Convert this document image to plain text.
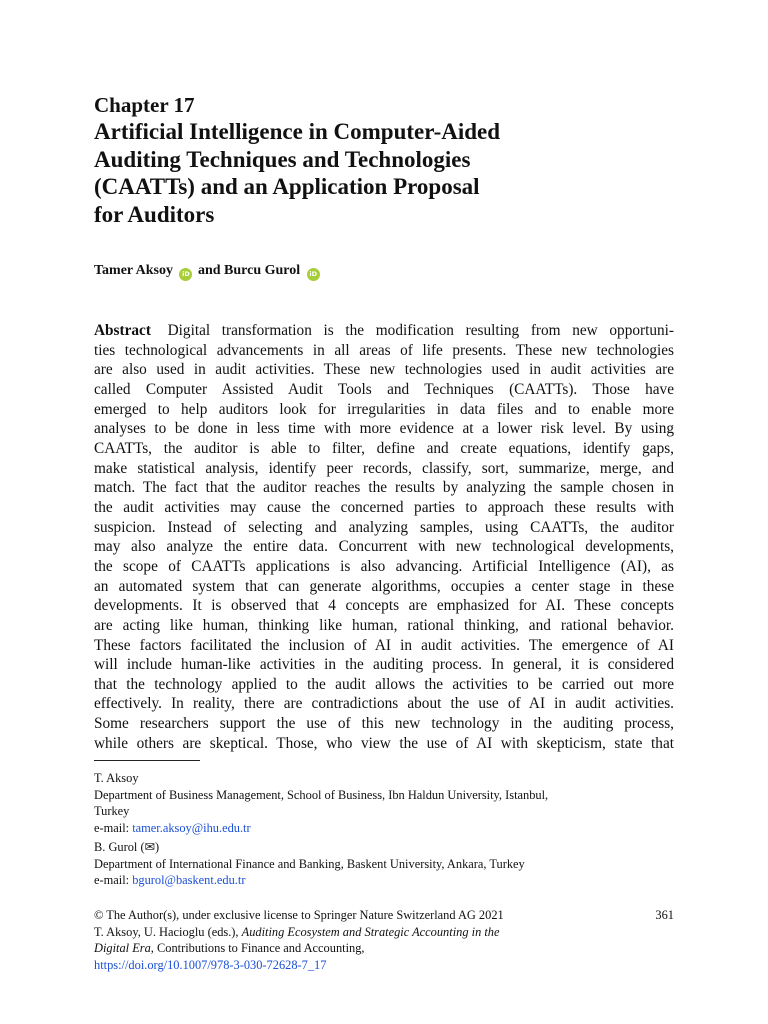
Chapter 17
Artificial Intelligence in Computer-Aided
Auditing Techniques and Technologies
(CAATTs) and an Application Proposal
for Auditors
Tamer Aksoy iD and Burcu Gurol iD
Abstract Digital transformation is the modification resulting from new opportuni-
ties technological advancements in all areas of life presents. These new technologies
are also used in audit activities. These new technologies used in audit activities are
called Computer Assisted Audit Tools and Techniques (CAATTs). Those have
emerged to help auditors look for irregularities in data files and to enable more
analyses to be done in less time with more evidence at a lower risk level. By using
CAATTs, the auditor is able to filter, define and create equations, identify gaps,
make statistical analysis, identify peer records, classify, sort, summarize, merge, and
match. The fact that the auditor reaches the results by analyzing the sample chosen in
the audit activities may cause the concerned parties to approach these results with
suspicion. Instead of selecting and analyzing samples, using CAATTs, the auditor
may also analyze the entire data. Concurrent with new technological developments,
the scope of CAATTs applications is also advancing. Artificial Intelligence (AI), as
an automated system that can generate algorithms, occupies a center stage in these
developments. It is observed that 4 concepts are emphasized for AI. These concepts
are acting like human, thinking like human, rational thinking, and rational behavior.
These factors facilitated the inclusion of AI in audit activities. The emergence of AI
will include human-like activities in the auditing process. In general, it is considered
that the technology applied to the audit allows the activities to be carried out more
effectively. In reality, there are contradictions about the use of AI in audit activities.
Some researchers support the use of this new technology in the auditing process,
while others are skeptical. Those, who view the use of AI with skepticism, state that
T. Aksoy
Department of Business Management, School of Business, Ibn Haldun University, Istanbul,
Turkey
e-mail: tamer.aksoy@ihu.edu.tr
B. Gurol (✉)
Department of International Finance and Banking, Baskent University, Ankara, Turkey
e-mail: bgurol@baskent.edu.tr
© The Author(s), under exclusive license to Springer Nature Switzerland AG 2021
T. Aksoy, U. Hacioglu (eds.), Auditing Ecosystem and Strategic Accounting in the
Digital Era, Contributions to Finance and Accounting,
https://doi.org/10.1007/978-3-030-72628-7_17
361
